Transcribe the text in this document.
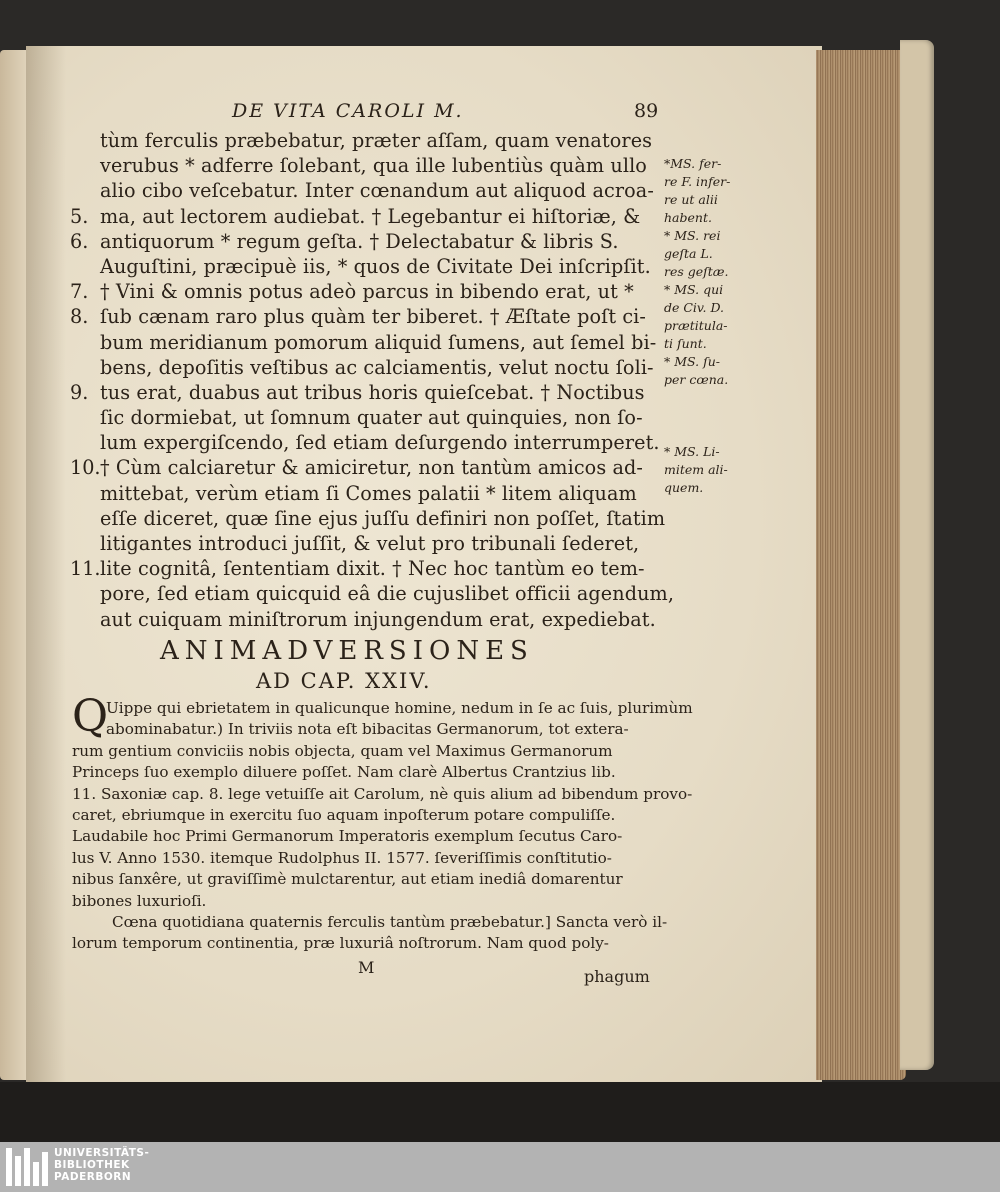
DE VITA CAROLI M.	89
tùm ferculis præbebatur, præter aſſam, quam venatores
verubus * adferre ſolebant, qua ille lubentiùs quàm ullo
alio cibo veſcebatur. Inter cœnandum aut aliquod acroa-
5. ma, aut lectorem audiebat. † Legebantur ei hiſtoriæ, &
6. antiquorum * regum geſta. † Delectabatur & libris S.
Auguſtini, præcipuè iis, * quos de Civitate Dei inſcripſit.
7. † Vini & omnis potus adeò parcus in bibendo erat, ut *
8. ſub cænam raro plus quàm ter biberet. † Æſtate poſt ci-
bum meridianum pomorum aliquid ſumens, aut ſemel bi-
bens, depoſitis veſtibus ac calciamentis, velut noctu ſoli-
9. tus erat, duabus aut tribus horis quieſcebat. † Noctibus
ſic dormiebat, ut ſomnum quater aut quinquies, non ſo-
lum expergiſcendo, ſed etiam deſurgendo interrumperet.
10. † Cùm calciaretur & amiciretur, non tantùm amicos ad-
mittebat, verùm etiam ſi Comes palatii * litem aliquam
eſſe diceret, quæ ſine ejus juſſu definiri non poſſet, ſtatim
litigantes introduci juſſit, & velut pro tribunali ſederet,
11. lite cognitâ, ſententiam dixit. † Nec hoc tantùm eo tem-
pore, ſed etiam quicquid eâ die cujuslibet officii agendum,
aut cuiquam miniſtrorum injungendum erat, expediebat.
*MS. fer-
re F. infer-
re ut alii
habent.
* MS. rei
geſta L.
res geſtæ.
* MS. qui
de Civ. D.
prætitula-
ti ſunt.
* MS. ſu-
per cœna.

* MS. Li-
mitem ali-
quem.
ANIMADVERSIONES
AD CAP. XXIV.
Q
Uippe qui ebrietatem in qualicunque homine, nedum in ſe ac ſuis, plurimùm
abominabatur.) In triviis nota eſt bibacitas Germanorum, tot extera-
rum gentium conviciis nobis objecta, quam vel Maximus Germanorum
Princeps ſuo exemplo diluere poſſet. Nam clarè Albertus Crantzius lib.
11. Saxoniæ cap. 8. lege vetuiſſe ait Carolum, nè quis alium ad bibendum provo-
caret, ebriumque in exercitu ſuo aquam inpoſterum potare compuliſſe.
Laudabile hoc Primi Germanorum Imperatoris exemplum ſecutus Caro-
lus V. Anno 1530. itemque Rudolphus II. 1577. ſeveriſſimis conſtitutio-
nibus ſanxêre, ut graviſſimè mulctarentur, aut etiam inediâ domarentur
bibones luxurioſi.
Cœna quotidiana quaternis ferculis tantùm præbebatur.] Sancta verò il-
lorum temporum continentia, præ luxuriâ noſtrorum. Nam quod poly-
M	phagum
UNIVERSITÄTS-
BIBLIOTHEK
PADERBORN
